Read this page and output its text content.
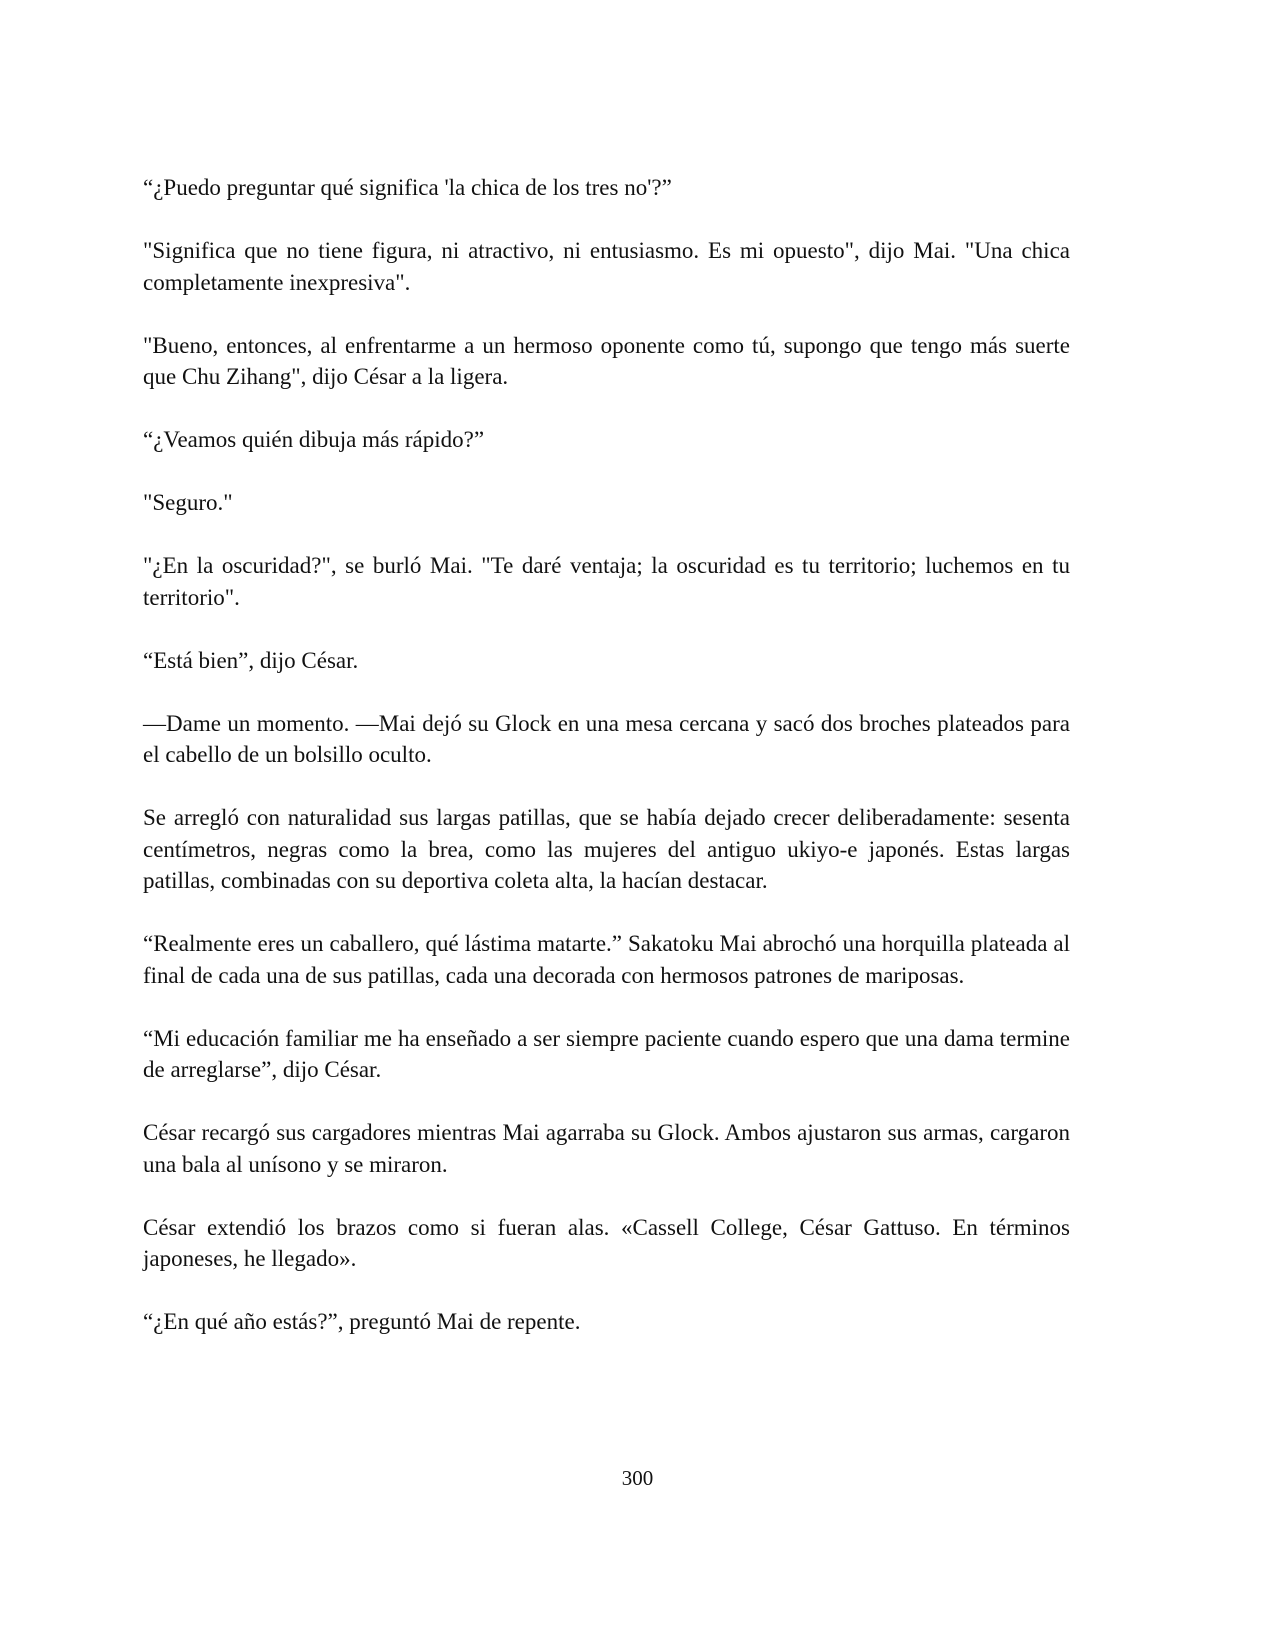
“¿Puedo preguntar qué significa 'la chica de los tres no'?”

"Significa que no tiene figura, ni atractivo, ni entusiasmo. Es mi opuesto", dijo Mai. "Una chica completamente inexpresiva".

"Bueno, entonces, al enfrentarme a un hermoso oponente como tú, supongo que tengo más suerte que Chu Zihang", dijo César a la ligera.

“¿Veamos quién dibuja más rápido?”

"Seguro."

"¿En la oscuridad?", se burló Mai. "Te daré ventaja; la oscuridad es tu territorio; luchemos en tu territorio".

“Está bien”, dijo César.

—Dame un momento. —Mai dejó su Glock en una mesa cercana y sacó dos broches plateados para el cabello de un bolsillo oculto.

Se arregló con naturalidad sus largas patillas, que se había dejado crecer deliberadamente: sesenta centímetros, negras como la brea, como las mujeres del antiguo ukiyo-e japonés. Estas largas patillas, combinadas con su deportiva coleta alta, la hacían destacar.

“Realmente eres un caballero, qué lástima matarte.” Sakatoku Mai abrochó una horquilla plateada al final de cada una de sus patillas, cada una decorada con hermosos patrones de mariposas.

“Mi educación familiar me ha enseñado a ser siempre paciente cuando espero que una dama termine de arreglarse”, dijo César.

César recargó sus cargadores mientras Mai agarraba su Glock. Ambos ajustaron sus armas, cargaron una bala al unísono y se miraron.

César extendió los brazos como si fueran alas. «Cassell College, César Gattuso. En términos japoneses, he llegado».

“¿En qué año estás?”, preguntó Mai de repente.

300
